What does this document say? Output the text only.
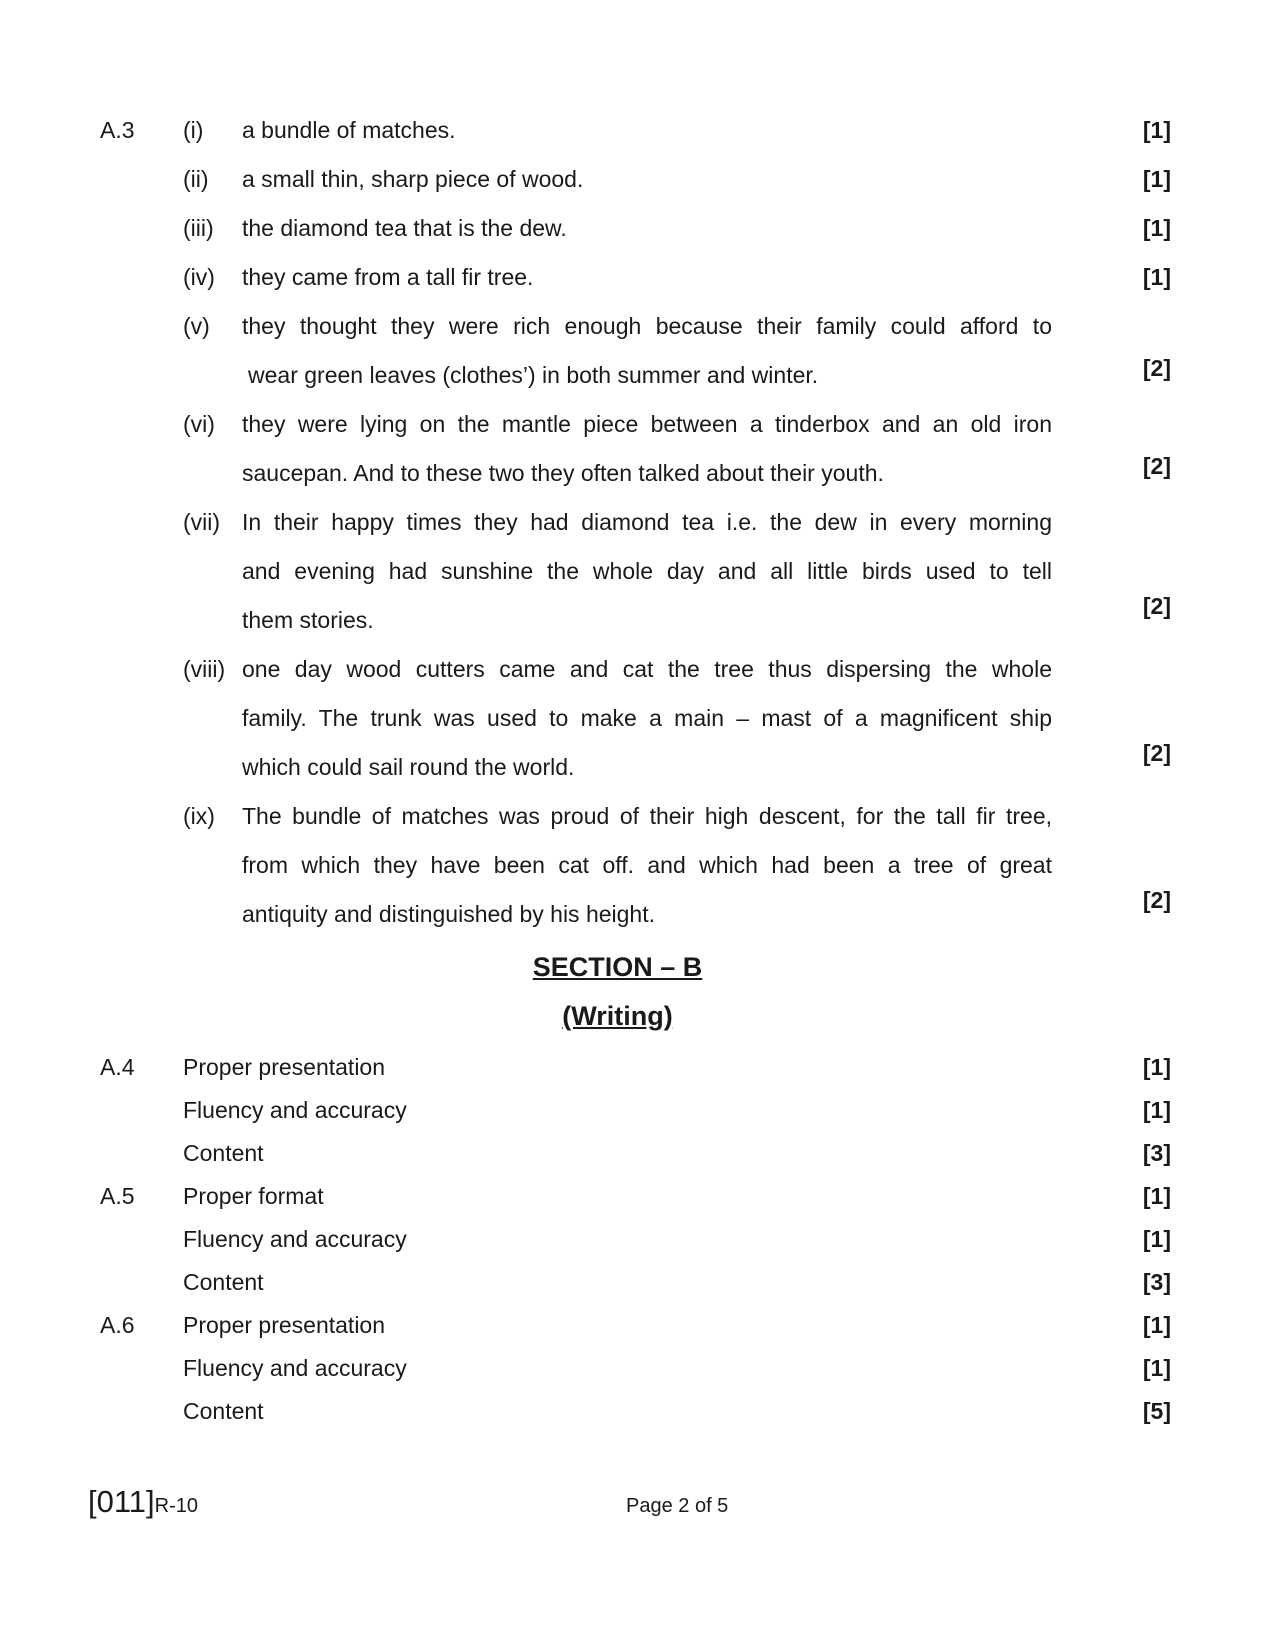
A.3 (i) a bundle of matches.	[1]
(ii) a small thin, sharp piece of wood.	[1]
(iii) the diamond tea that is the dew.	[1]
(iv) they came from a tall fir tree.	[1]
(v) they thought they were rich enough because their family could afford to
wear green leaves (clothes’) in both summer and winter.	[2]
(vi) they were lying on the mantle piece between a tinderbox and an old iron
saucepan. And to these two they often talked about their youth.	[2]
(vii) In their happy times they had diamond tea i.e. the dew in every morning
and evening had sunshine the whole day and all little birds used to tell
them stories.
[2]
(viii) one day wood cutters came and cat the tree thus dispersing the whole
family. The trunk was used to make a main – mast of a magnificent ship
which could sail round the world.
[2]
(ix) The bundle of matches was proud of their high descent, for the tall fir tree,
from which they have been cat off. and which had been a tree of great
antiquity and distinguished by his height.
[2]
SECTION – B
(Writing)
A.4 Proper presentation	[1]
Fluency and accuracy	[1]
Content	[3]
A.5 Proper format	[1]
Fluency and accuracy	[1]
Content	[3]
A.6 Proper presentation	[1]
Fluency and accuracy	[1]
Content	[5]
[011]R-10	Page 2 of 5
